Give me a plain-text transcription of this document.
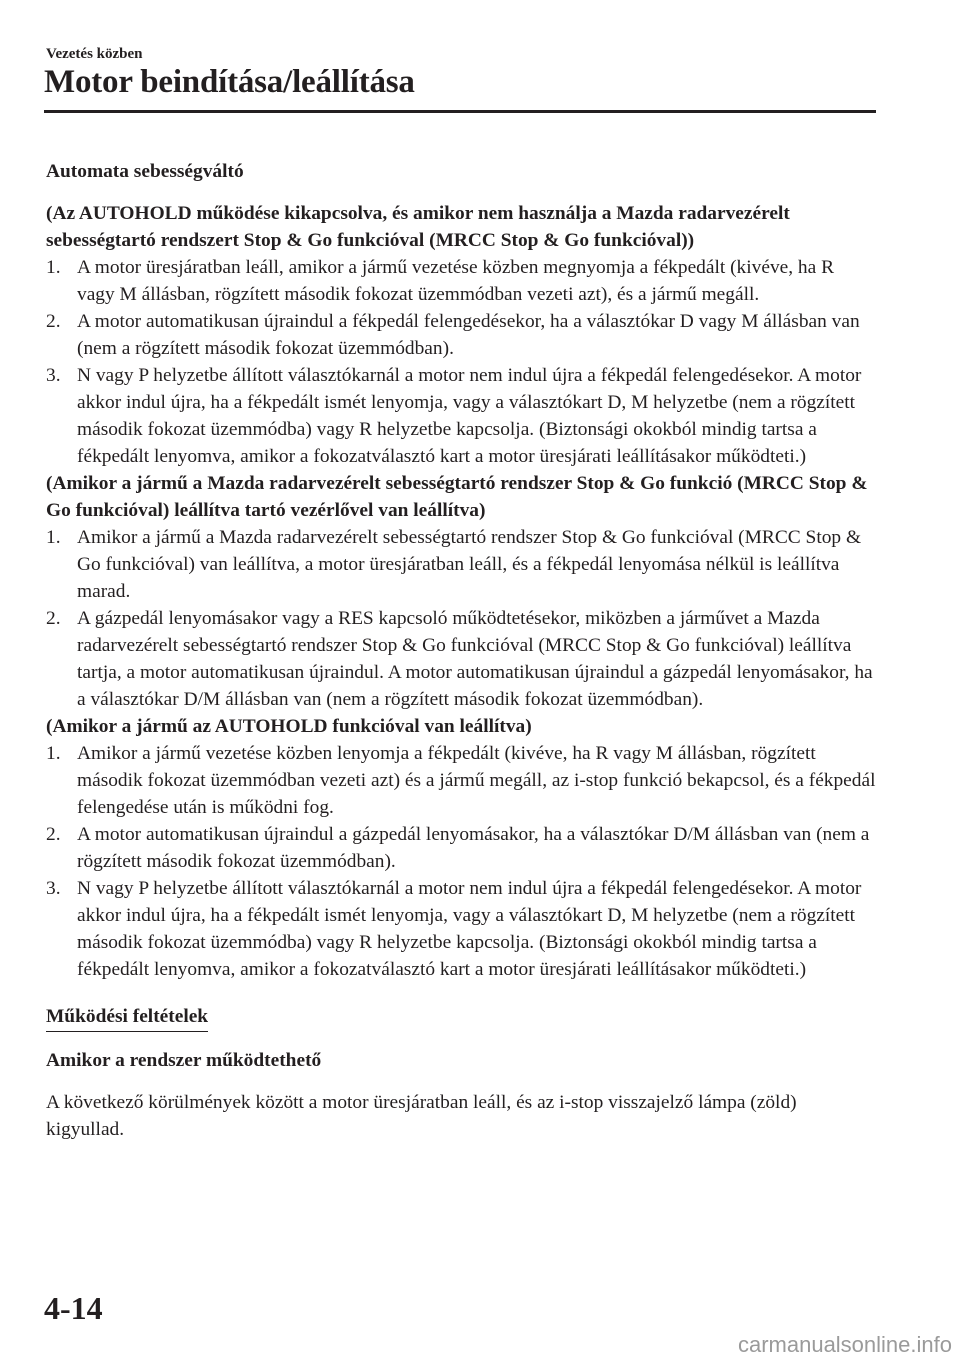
Vezetés közben
Motor beindítása/leállítása

Automata sebességváltó

(Az AUTOHOLD működése kikapcsolva, és amikor nem használja a Mazda radarvezérelt sebességtartó rendszert Stop & Go funkcióval (MRCC Stop & Go funkcióval))

1. A motor üresjáratban leáll, amikor a jármű vezetése közben megnyomja a fékpedált (kivéve, ha R vagy M állásban, rögzített második fokozat üzemmódban vezeti azt), és a jármű megáll.
2. A motor automatikusan újraindul a fékpedál felengedésekor, ha a választókar D vagy M állásban van (nem a rögzített második fokozat üzemmódban).
3. N vagy P helyzetbe állított választókarnál a motor nem indul újra a fékpedál felengedésekor. A motor akkor indul újra, ha a fékpedált ismét lenyomja, vagy a választókart D, M helyzetbe (nem a rögzített második fokozat üzemmódba) vagy R helyzetbe kapcsolja. (Biztonsági okokból mindig tartsa a fékpedált lenyomva, amikor a fokozatválasztó kart a motor üresjárati leállításakor működteti.)

(Amikor a jármű a Mazda radarvezérelt sebességtartó rendszer Stop & Go funkció (MRCC Stop & Go funkcióval) leállítva tartó vezérlővel van leállítva)

1. Amikor a jármű a Mazda radarvezérelt sebességtartó rendszer Stop & Go funkcióval (MRCC Stop & Go funkcióval) van leállítva, a motor üresjáratban leáll, és a fékpedál lenyomása nélkül is leállítva marad.
2. A gázpedál lenyomásakor vagy a RES kapcsoló működtetésekor, miközben a járművet a Mazda radarvezérelt sebességtartó rendszer Stop & Go funkcióval (MRCC Stop & Go funkcióval) leállítva tartja, a motor automatikusan újraindul. A motor automatikusan újraindul a gázpedál lenyomásakor, ha a választókar D/M állásban van (nem a rögzített második fokozat üzemmódban).

(Amikor a jármű az AUTOHOLD funkcióval van leállítva)

1. Amikor a jármű vezetése közben lenyomja a fékpedált (kivéve, ha R vagy M állásban, rögzített második fokozat üzemmódban vezeti azt) és a jármű megáll, az i-stop funkció bekapcsol, és a fékpedál felengedése után is működni fog.
2. A motor automatikusan újraindul a gázpedál lenyomásakor, ha a választókar D/M állásban van (nem a rögzített második fokozat üzemmódban).
3. N vagy P helyzetbe állított választókarnál a motor nem indul újra a fékpedál felengedésekor. A motor akkor indul újra, ha a fékpedált ismét lenyomja, vagy a választókart D, M helyzetbe (nem a rögzített második fokozat üzemmódba) vagy R helyzetbe kapcsolja. (Biztonsági okokból mindig tartsa a fékpedált lenyomva, amikor a fokozatválasztó kart a motor üresjárati leállításakor működteti.)

Működési feltételek

Amikor a rendszer működtethető

A következő körülmények között a motor üresjáratban leáll, és az i-stop visszajelző lámpa (zöld) kigyullad.

4-14
carmanualsonline.info
